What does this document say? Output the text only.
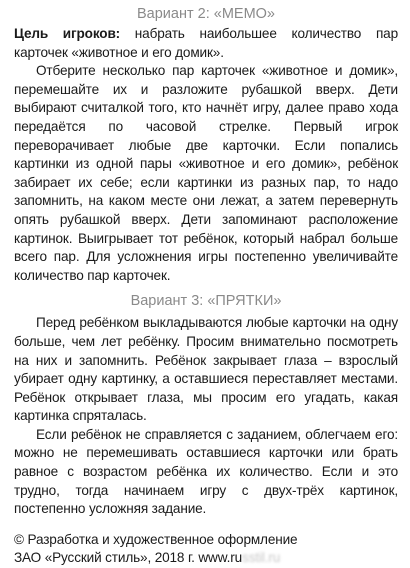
Вариант 2: «МЕМО»

Цель игроков: набрать наибольшее количество пар карточек «животное и его домик».

Отберите несколько пар карточек «животное и домик», перемешайте их и разложите рубашкой вверх. Дети выбирают считалкой того, кто начнёт игру, далее право хода передаётся по часовой стрелке. Первый игрок переворачивает любые две карточки. Если попались картинки из одной пары «животное и его домик», ребёнок забирает их себе; если картинки из разных пар, то надо запомнить, на каком месте они лежат, а затем перевернуть опять рубашкой вверх. Дети запоминают расположение картинок. Выигрывает тот ребёнок, который набрал больше всего пар. Для усложнения игры постепенно увеличивайте количество пар карточек.

Вариант 3: «ПРЯТКИ»

Перед ребёнком выкладываются любые карточки на одну больше, чем лет ребёнку. Просим внимательно посмотреть на них и запомнить. Ребёнок закрывает глаза – взрослый убирает одну картинку, а оставшиеся переставляет местами. Ребёнок открывает глаза, мы просим его угадать, какая картинка спряталась.

Если ребёнок не справляется с заданием, облегчаем его: можно не перемешивать оставшиеся карточки или брать равное с возрастом ребёнка их количество. Если и это трудно, тогда начинаем игру с двух-трёх картинок, постепенно усложняя задание.

© Разработка и художественное оформление
ЗАО «Русский стиль», 2018 г. www.russtil.ru
